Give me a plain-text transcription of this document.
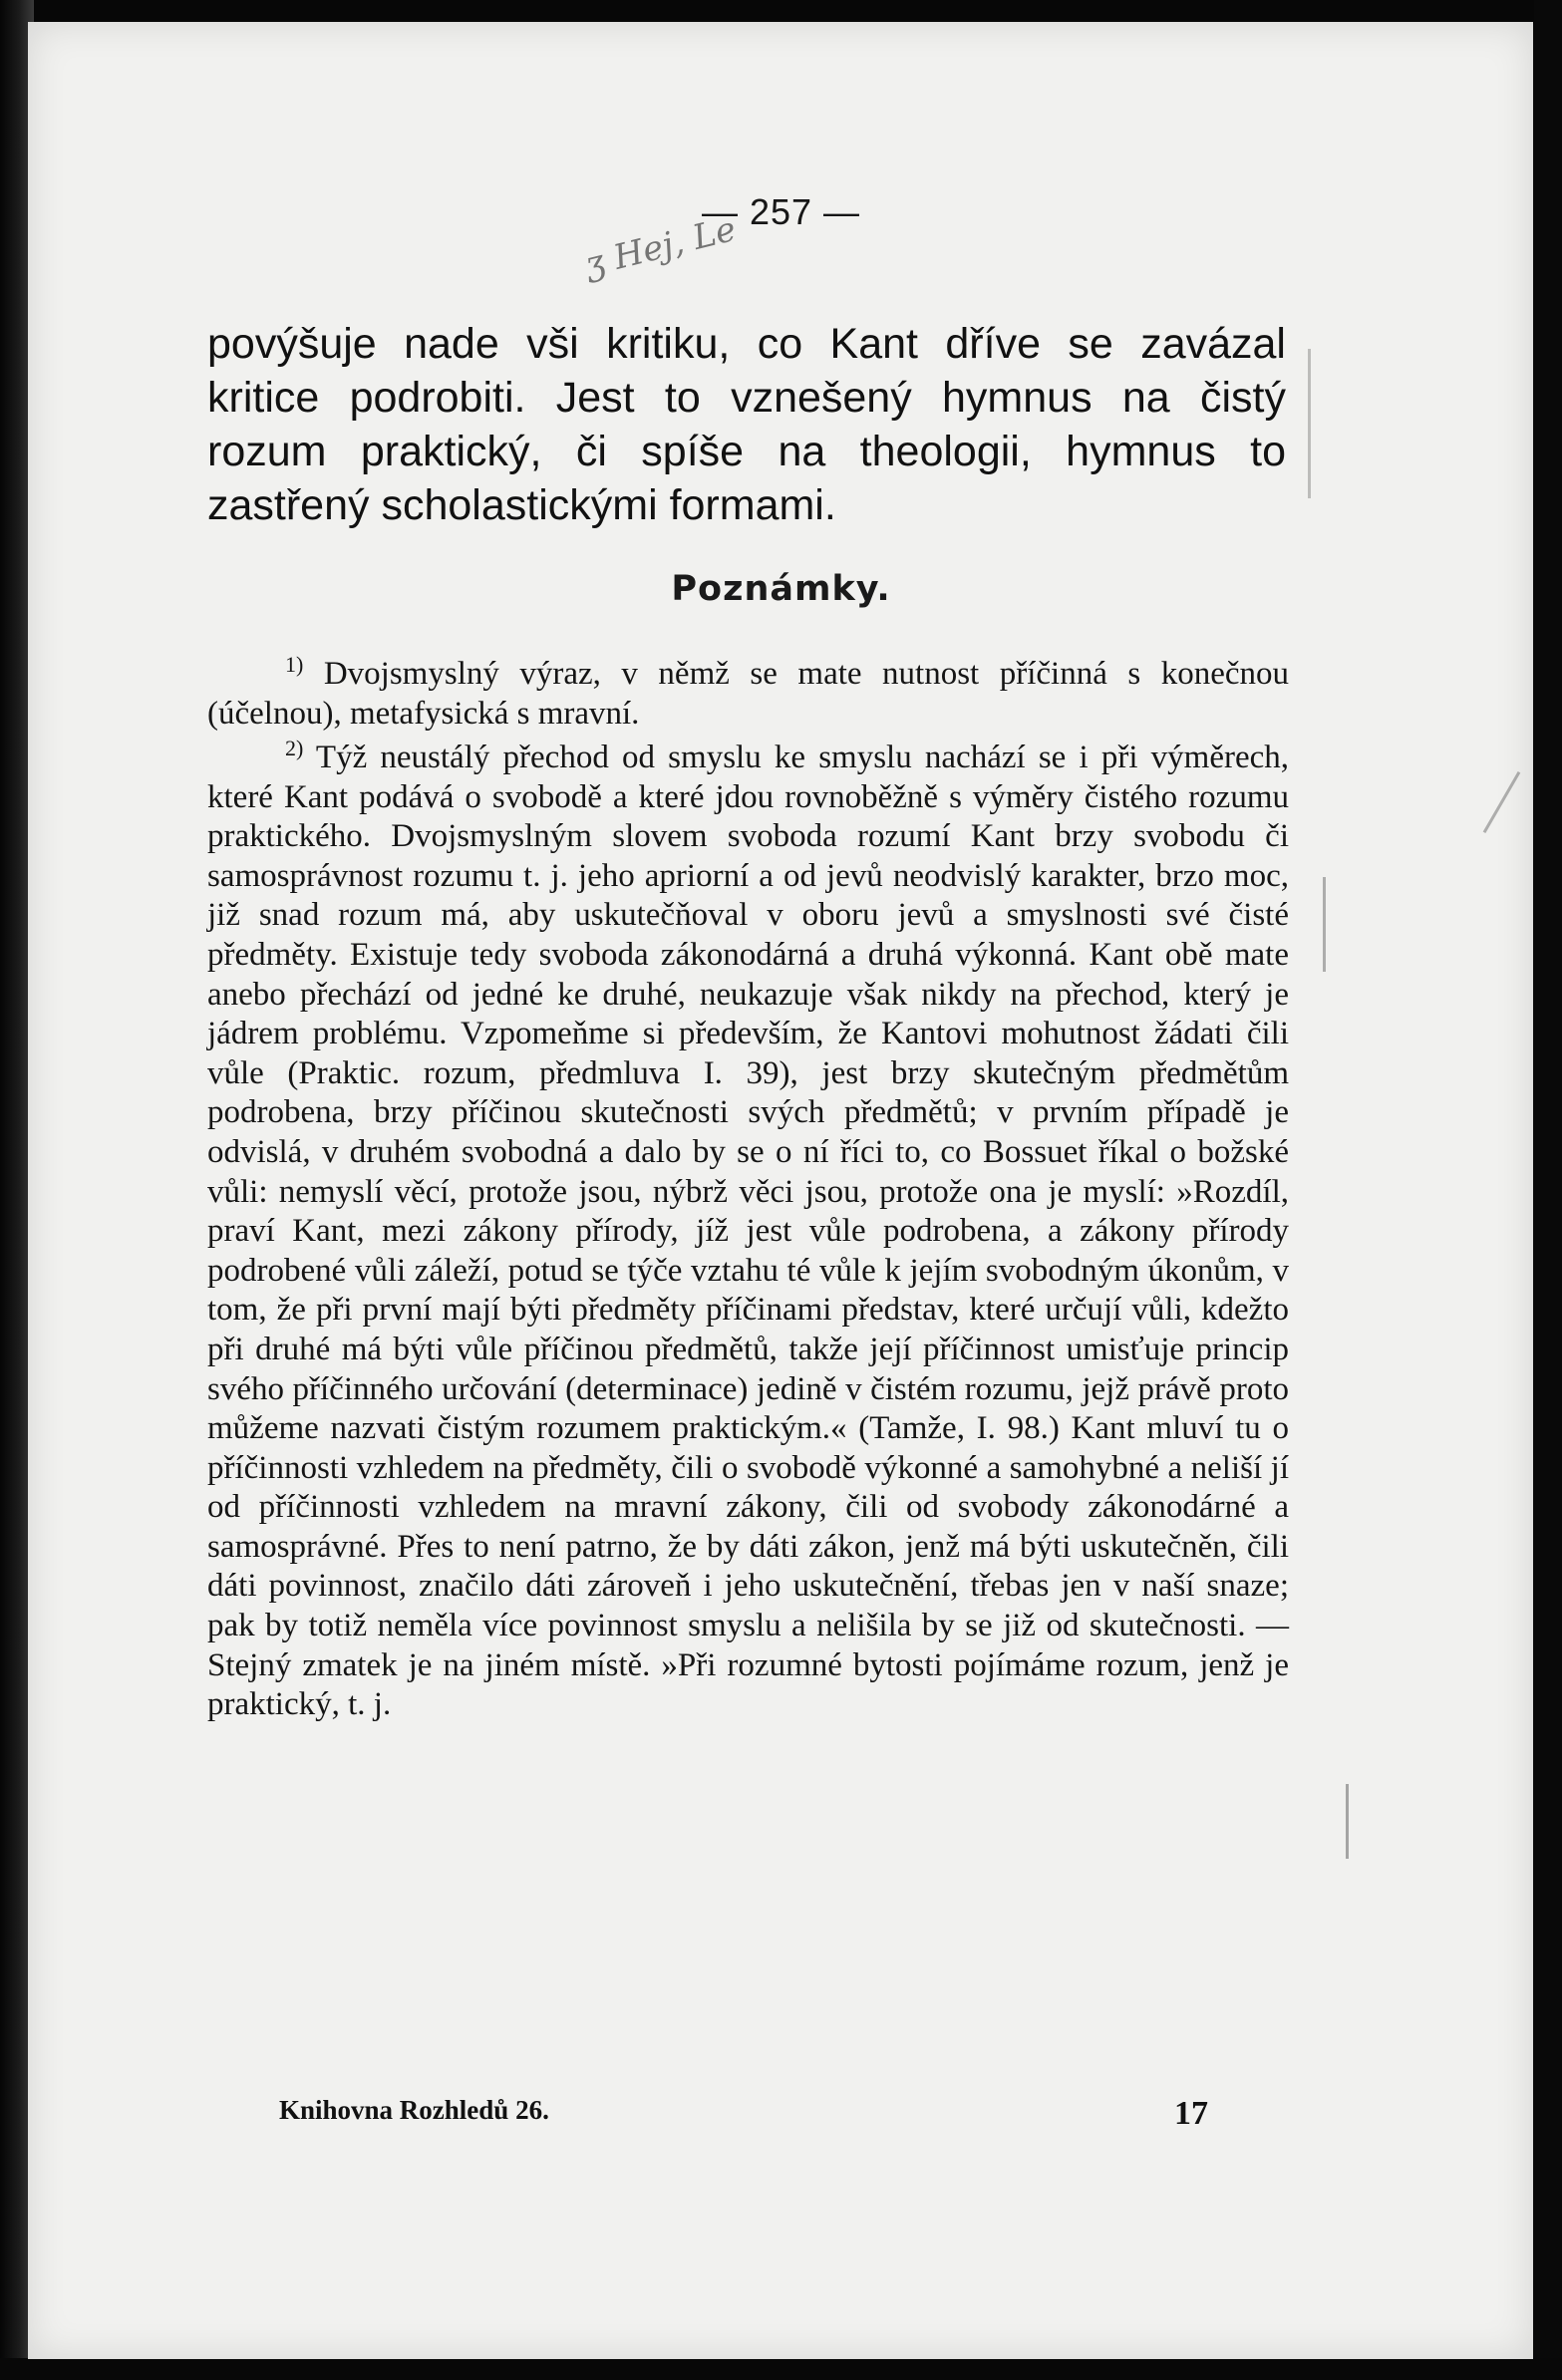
— 257 —
ʒ Hej, Le

povýšuje nade vši kritiku, co Kant dříve se zavázal kritice podrobiti. Jest to vznešený hymnus na čistý rozum praktický, či spíše na theologii, hymnus to zastřený scholastickými formami.

Poznámky.

$^{1)}$ Dvojsmyslný výraz, v němž se mate nutnost příčinná s konečnou (účelnou), metafysická s mravní.

$^{2)}$ Týž neustálý přechod od smyslu ke smyslu nachází se i při výměrech, které Kant podává o svobodě a které jdou rovnoběžně s výměry čistého rozumu praktického. Dvojsmyslným slovem svoboda rozumí Kant brzy svobodu či samosprávnost rozumu t. j. jeho apriorní a od jevů neodvislý karakter, brzo moc, již snad rozum má, aby uskutečňoval v oboru jevů a smyslnosti své čisté předměty. Existuje tedy svoboda zákonodárná a druhá výkonná. Kant obě mate anebo přechází od jedné ke druhé, neukazuje však nikdy na přechod, který je jádrem problému. Vzpomeňme si především, že Kantovi mohutnost žádati čili vůle (Praktic. rozum, předmluva I. 39), jest brzy skutečným předmětům podrobena, brzy příčinou skutečnosti svých předmětů; v prvním případě je odvislá, v druhém svobodná a dalo by se o ní říci to, co Bossuet říkal o božské vůli: nemyslí věcí, protože jsou, nýbrž věci jsou, protože ona je myslí: »Rozdíl, praví Kant, mezi zákony přírody, jíž jest vůle podrobena, a zákony přírody podrobené vůli záleží, potud se týče vztahu té vůle k jejím svobodným úkonům, v tom, že při první mají býti předměty příčinami představ, které určují vůli, kdežto při druhé má býti vůle příčinou předmětů, takže její příčinnost umisťuje princip svého příčinného určování (determinace) jedině v čistém rozumu, jejž právě proto můžeme nazvati čistým rozumem praktickým.« (Tamže, I. 98.) Kant mluví tu o příčinnosti vzhledem na předměty, čili o svobodě výkonné a samohybné a neliší jí od příčinnosti vzhledem na mravní zákony, čili od svobody zákonodárné a samosprávné. Přes to není patrno, že by dáti zákon, jenž má býti uskutečněn, čili dáti povinnost, značilo dáti zároveň i jeho uskutečnění, třebas jen v naší snaze; pak by totiž neměla více povinnost smyslu a nelišila by se již od skutečnosti. — Stejný zmatek je na jiném místě. »Při rozumné bytosti pojímáme rozum, jenž je praktický, t. j.

Knihovna Rozhledů 26.	17
